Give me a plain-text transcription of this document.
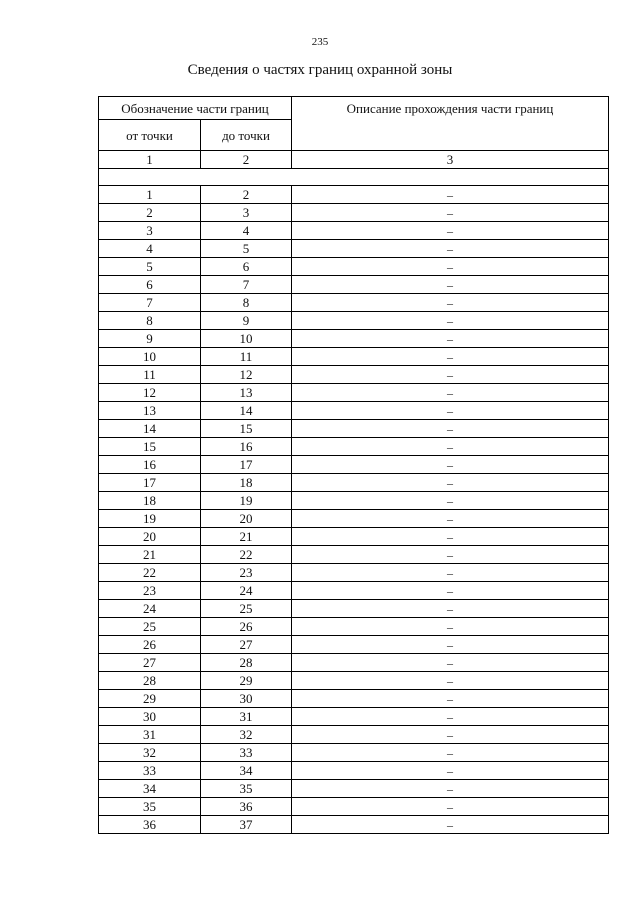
235
Сведения о частях границ охранной зоны
Обозначение части границ		Описание прохождения части границ
от точки	до точки	
1	2	3

1	2	–
2	3	–
3	4	–
4	5	–
5	6	–
6	7	–
7	8	–
8	9	–
9	10	–
10	11	–
11	12	–
12	13	–
13	14	–
14	15	–
15	16	–
16	17	–
17	18	–
18	19	–
19	20	–
20	21	–
21	22	–
22	23	–
23	24	–
24	25	–
25	26	–
26	27	–
27	28	–
28	29	–
29	30	–
30	31	–
31	32	–
32	33	–
33	34	–
34	35	–
35	36	–
36	37	–
